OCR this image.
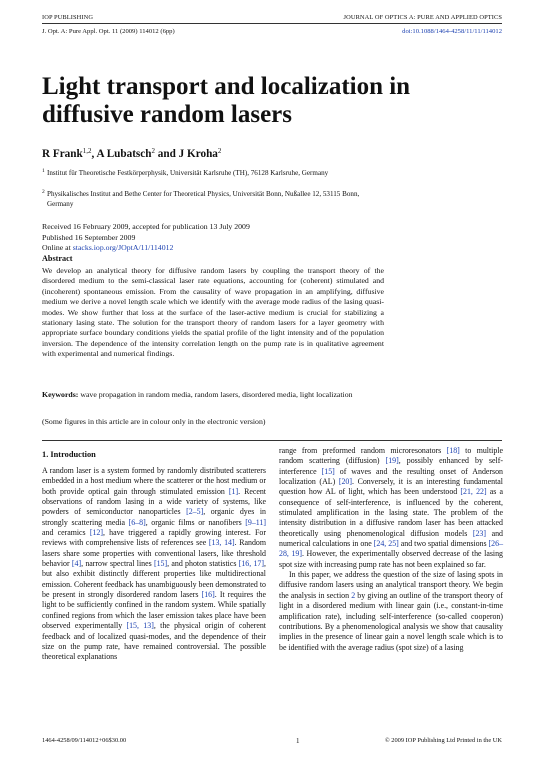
IOP PUBLISHING	JOURNAL OF OPTICS A: PURE AND APPLIED OPTICS
J. Opt. A: Pure Appl. Opt. 11 (2009) 114012 (6pp)	doi:10.1088/1464-4258/11/11/114012
Light transport and localization in diffusive random lasers
R Frank$^{1,2}$, A Lubatsch$^2$ and J Kroha$^2$
1 Institut für Theoretische Festkörperphysik, Universität Karlsruhe (TH), 76128 Karlsruhe, Germany
2 Physikalisches Institut and Bethe Center for Theoretical Physics, Universität Bonn, Nußallee 12, 53115 Bonn, Germany
Received 16 February 2009, accepted for publication 13 July 2009
Published 16 September 2009
Online at stacks.iop.org/JOptA/11/114012
Abstract
We develop an analytical theory for diffusive random lasers by coupling the transport theory of the disordered medium to the semi-classical laser rate equations, accounting for (coherent) stimulated and (incoherent) spontaneous emission. From the causality of wave propagation in an amplifying, diffusive medium we derive a novel length scale which we identify with the average mode radius of the lasing quasi-modes. We show further that loss at the surface of the laser-active medium is crucial for stabilizing a stationary lasing state. The solution for the transport theory of random lasers for a layer geometry with appropriate surface boundary conditions yields the spatial profile of the light intensity and of the population inversion. The dependence of the intensity correlation length on the pump rate is in qualitative agreement with experimental and numerical findings.
Keywords: wave propagation in random media, random lasers, disordered media, light localization
(Some figures in this article are in colour only in the electronic version)
1. Introduction

A random laser is a system formed by randomly distributed scatterers embedded in a host medium where the scatterer or the host medium or both provide optical gain through stimulated emission [1]. Recent observations of random lasing in a wide variety of systems, like powders of semiconductor nanoparticles [2–5], organic dyes in strongly scattering media [6–8], organic films or nanofibers [9–11] and ceramics [12], have triggered a rapidly growing interest. For reviews with comprehensive lists of references see [13, 14]. Random lasers share some properties with conventional lasers, like threshold behavior [4], narrow spectral lines [15], and photon statistics [16, 17], but also exhibit distinctly different properties like multidirectional emission. Coherent feedback has unambiguously been demonstrated to be present in strongly disordered random lasers [16]. It requires the light to be sufficiently confined in the random system. While spatially confined regions from which the laser emission takes place have been observed experimentally [15, 13], the physical origin of coherent feedback and of localized quasi-modes, and the dependence of their size on the pump rate, have remained controversial. The possible theoretical explanations

range from preformed random microresonators [18] to multiple random scattering (diffusion) [19], possibly enhanced by self-interference [15] of waves and the resulting onset of Anderson localization (AL) [20]. Conversely, it is an interesting fundamental question how AL of light, which has been understood [21, 22] as a consequence of self-interference, is influenced by the coherent, stimulated amplification in the lasing state. The problem of the intensity distribution in a diffusive random laser has been attacked theoretically using phenomenological diffusion models [23] and numerical calculations in one [24, 25] and two spatial dimensions [26–28, 19]. However, the experimentally observed decrease of the lasing spot size with increasing pump rate has not been explained so far.

In this paper, we address the question of the size of lasing spots in diffusive random lasers using an analytical transport theory. We begin the analysis in section 2 by giving an outline of the transport theory of light in a disordered medium with linear gain (i.e., constant-in-time amplification rate), including self-interference (so-called cooperon) contributions. By a phenomenological analysis we show that causality implies in the presence of linear gain a novel length scale which is to be identified with the average radius (spot size) of a lasing

1464-4258/09/114012+06$30.00	1	© 2009 IOP Publishing Ltd Printed in the UK
